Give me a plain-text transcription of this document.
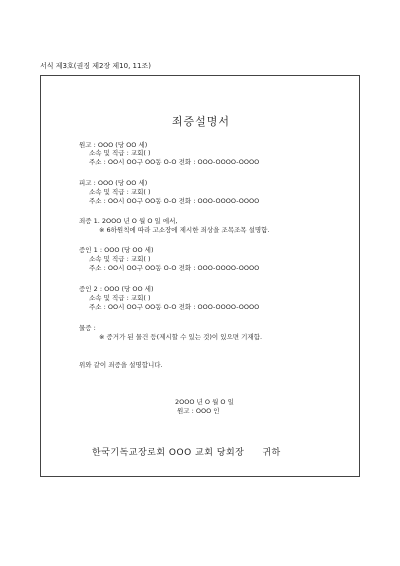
서식 제3호(권징 제2장 제10, 11조)
죄증설명서
원고 : OOO (당 OO 세)
소속 및 직급 : 교회( )
주소 : OO시 OO구 OO동 O-O 전화 : OOO-OOOO-OOOO
피고 : OOO (당 OO 세)
소속 및 직급 : 교회( )
주소 : OO시 OO구 OO동 O-O 전화 : OOO-OOOO-OOOO
죄증 1. 2OOO 년 O 월 O 일 에서,
※ 6하원칙에 따라 고소장에 제시한 죄상을 조목조목 설명함.
증인 1 : OOO (당 OO 세)
소속 및 직급 : 교회( )
주소 : OO시 OO구 OO동 O-O 전화 : OOO-OOOO-OOOO
증인 2 : OOO (당 OO 세)
소속 및 직급 : 교회( )
주소 : OO시 OO구 OO동 O-O 전화 : OOO-OOOO-OOOO
물증 :
※ 증거가 된 물건 등(제시할 수 있는 것)이 있으면 기재함.
위와 같이 죄증을 설명합니다.
2OOO 년 O 월 O 일
원고 : OOO 인
한국기독교장로회 OOO 교회 당회장 귀하
